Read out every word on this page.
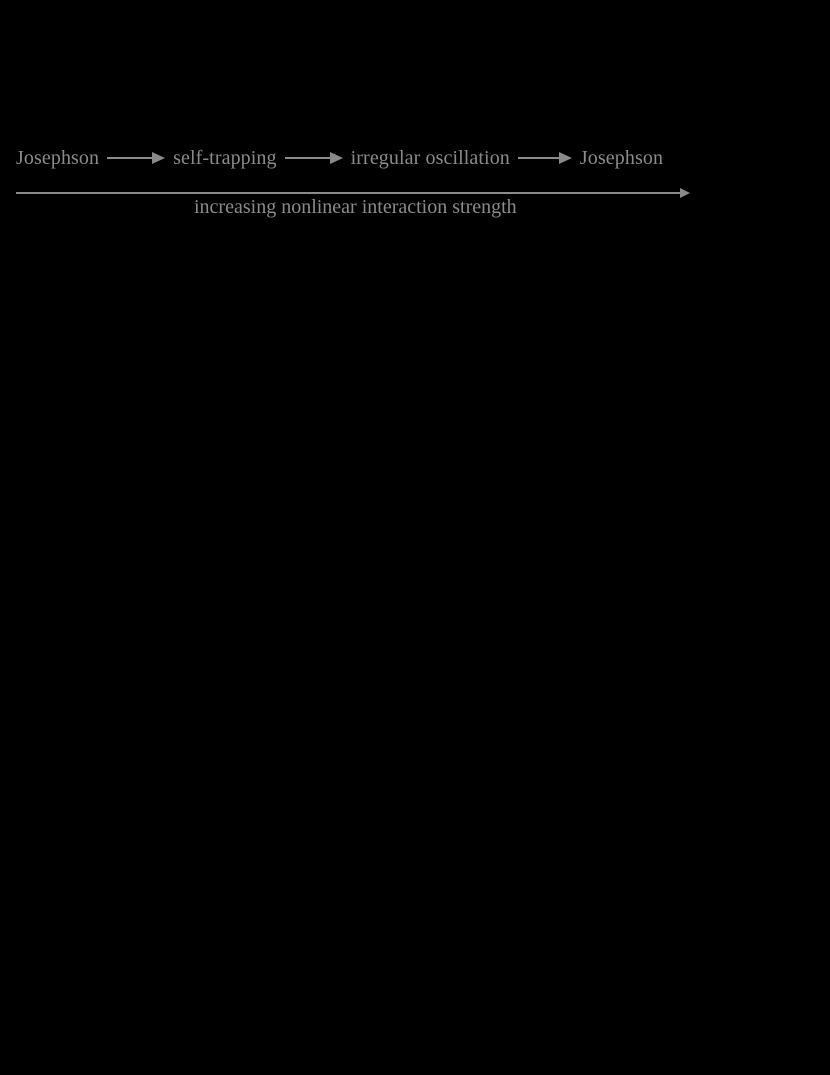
Josephson	self-trapping	irregular oscillation	Josephson
increasing nonlinear interaction strength
